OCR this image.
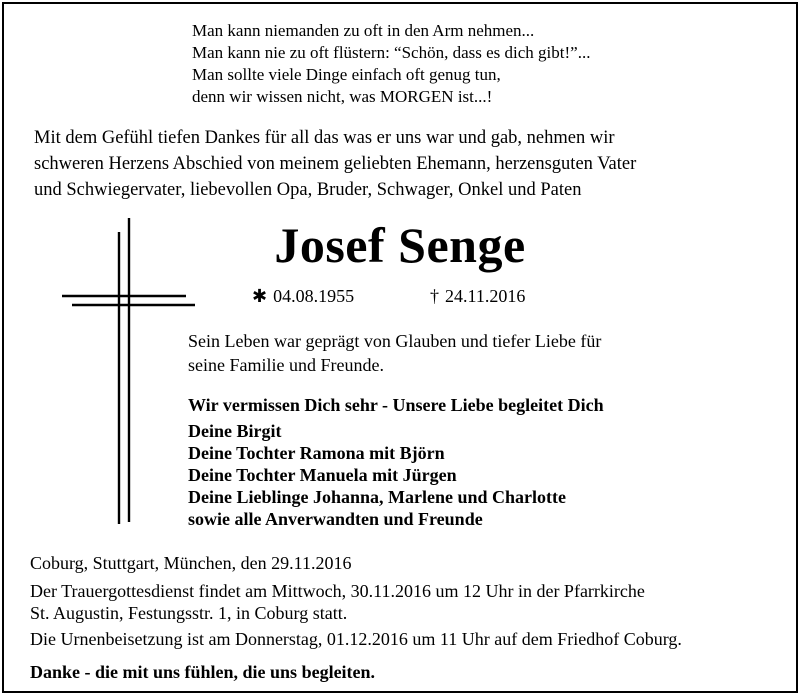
Man kann niemanden zu oft in den Arm nehmen...
Man kann nie zu oft flüstern: “Schön, dass es dich gibt!”...
Man sollte viele Dinge einfach oft genug tun,
denn wir wissen nicht, was MORGEN ist...!
Mit dem Gefühl tiefen Dankes für all das was er uns war und gab, nehmen wir
schweren Herzens Abschied von meinem geliebten Ehemann, herzensguten Vater
und Schwiegervater, liebevollen Opa, Bruder, Schwager, Onkel und Paten
Josef Senge
✱ 04.08.1955	† 24.11.2016
Sein Leben war geprägt von Glauben und tiefer Liebe für
seine Familie und Freunde.
Wir vermissen Dich sehr - Unsere Liebe begleitet Dich
Deine Birgit
Deine Tochter Ramona mit Björn
Deine Tochter Manuela mit Jürgen
Deine Lieblinge Johanna, Marlene und Charlotte
sowie alle Anverwandten und Freunde
Coburg, Stuttgart, München, den 29.11.2016
Der Trauergottesdienst findet am Mittwoch, 30.11.2016 um 12 Uhr in der Pfarrkirche
St. Augustin, Festungsstr. 1, in Coburg statt.
Die Urnenbeisetzung ist am Donnerstag, 01.12.2016 um 11 Uhr auf dem Friedhof Coburg.
Danke - die mit uns fühlen, die uns begleiten.
